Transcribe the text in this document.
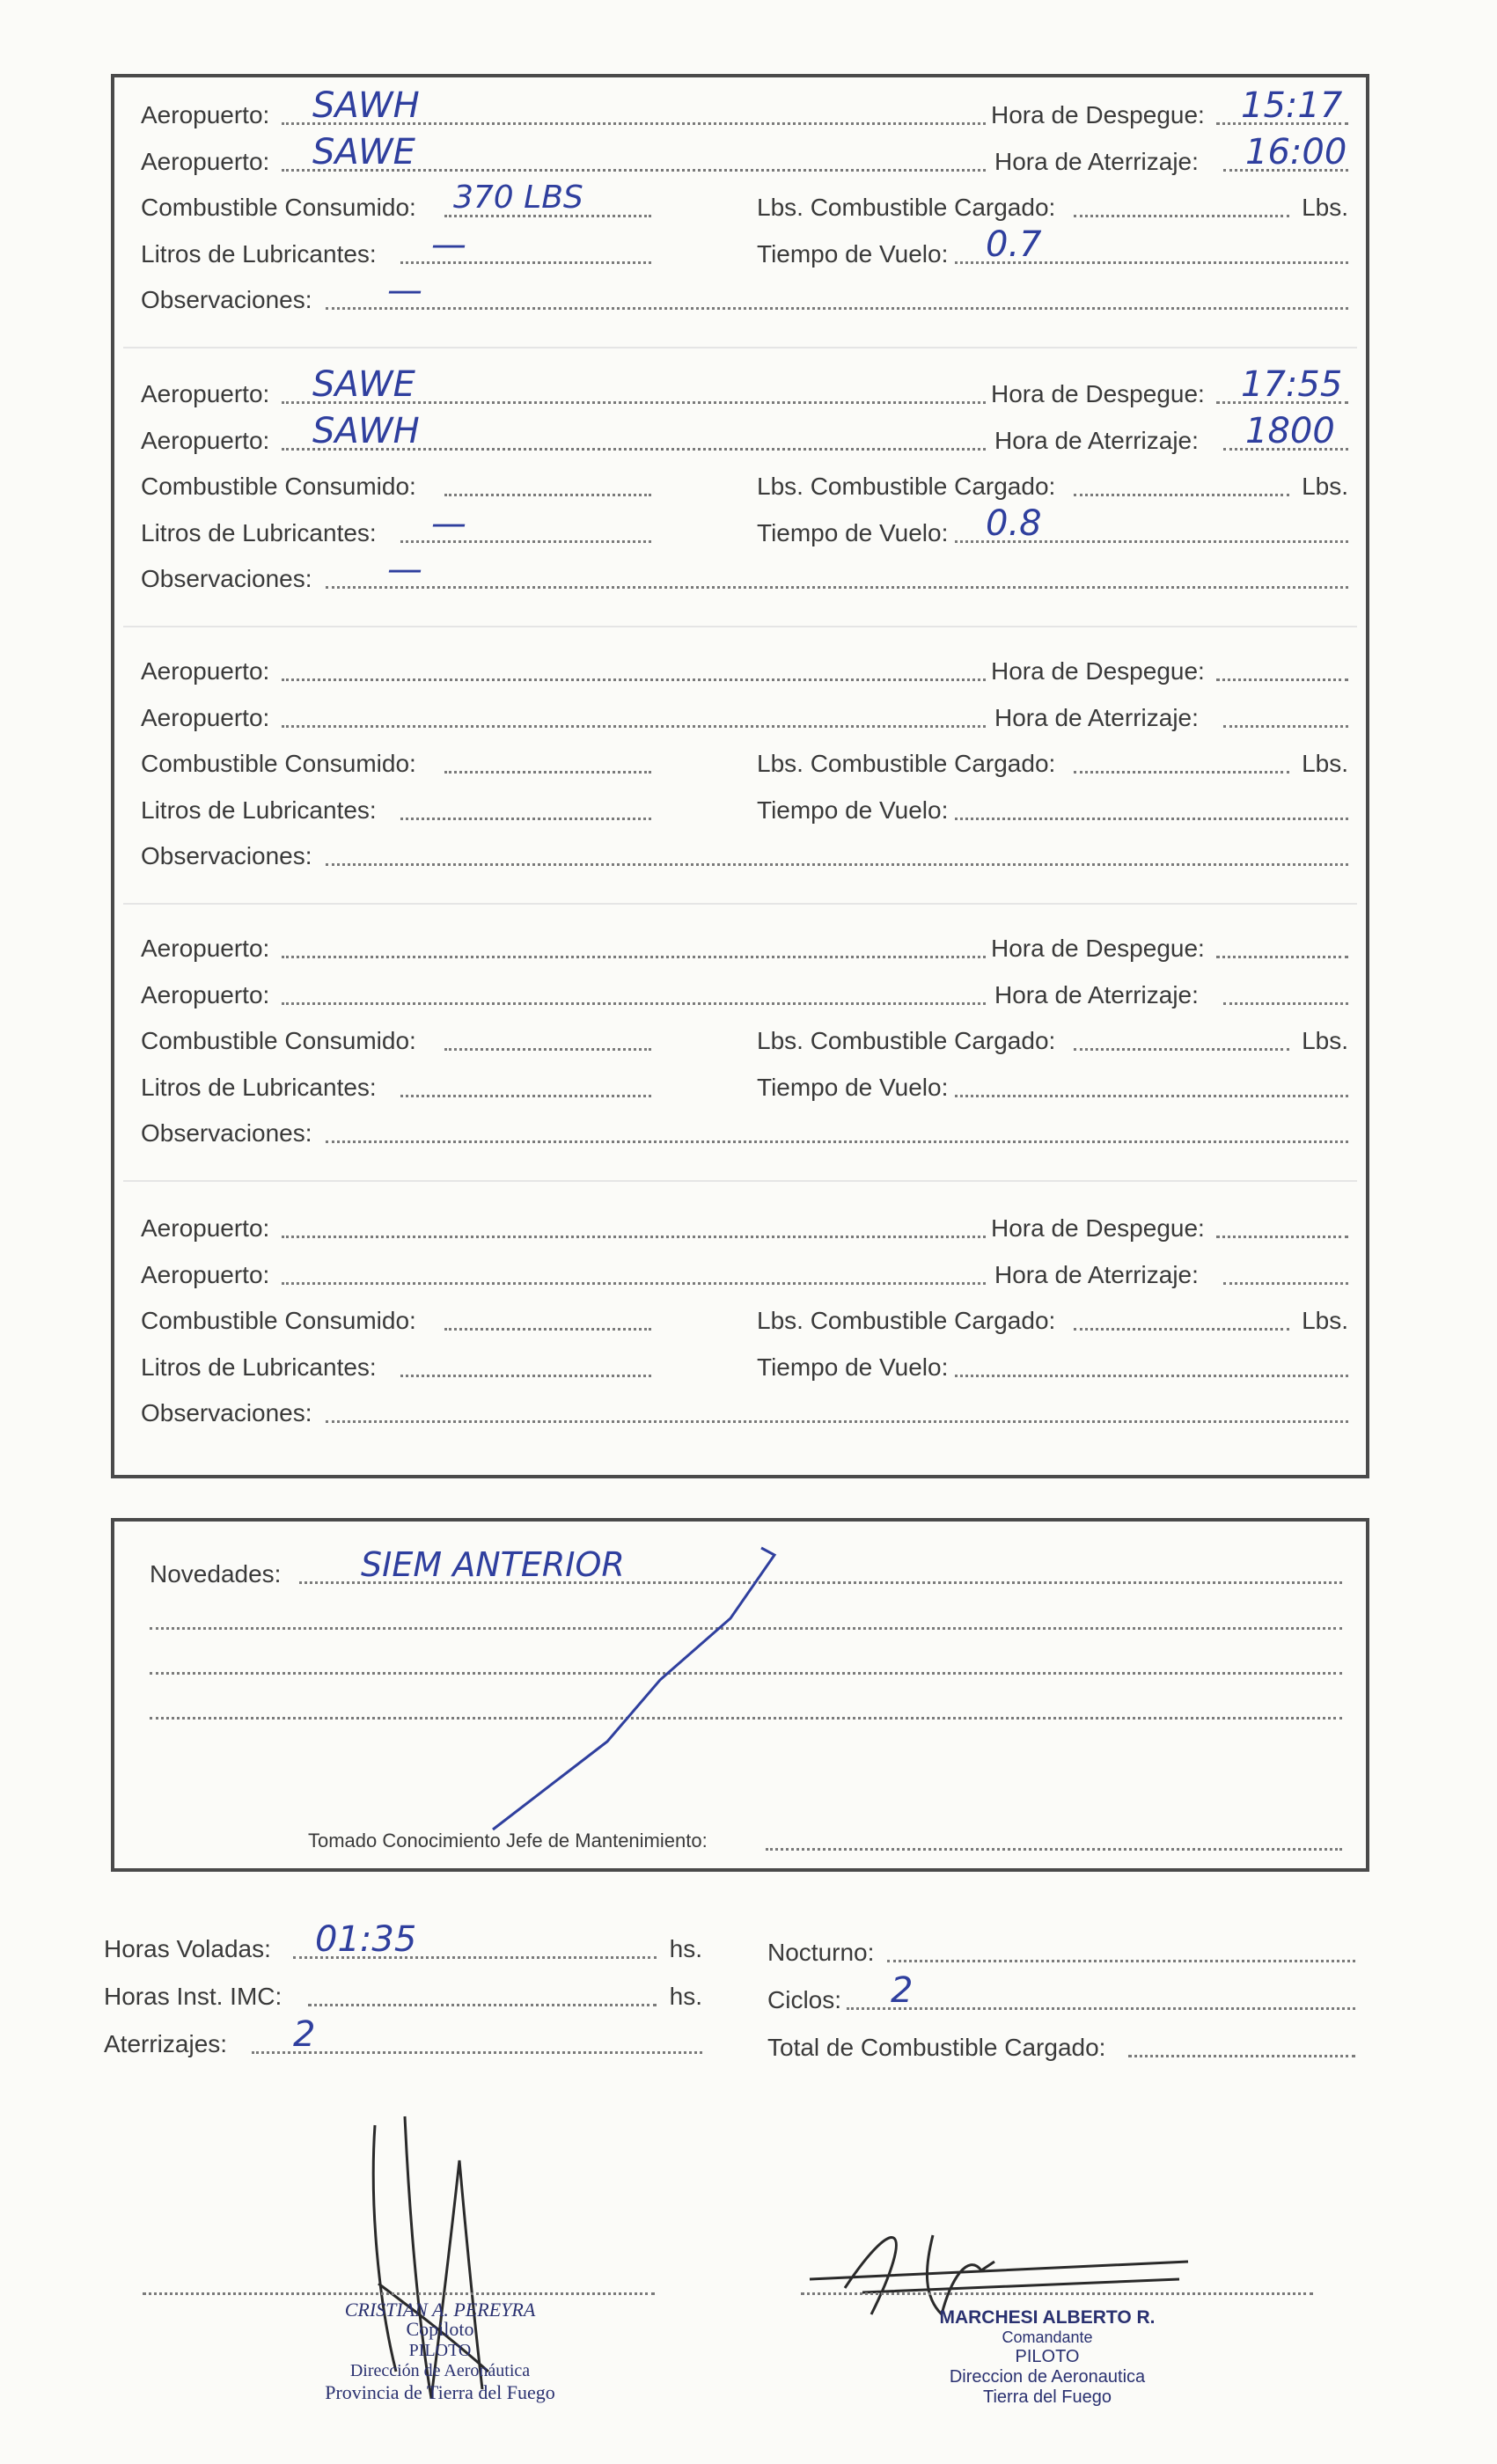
Aeropuerto: SAWH	Hora de Despegue: 15:17
Aeropuerto: SAWE	Hora de Aterrizaje: 16:00
Combustible Consumido: 370 LBS	Lbs. Combustible Cargado:	Lbs.
Litros de Lubricantes: —	Tiempo de Vuelo: 0.7
Observaciones: —
Aeropuerto: SAWE	Hora de Despegue: 17:55
Aeropuerto: SAWH	Hora de Aterrizaje: 1800
Combustible Consumido:	Lbs. Combustible Cargado:	Lbs.
Litros de Lubricantes: —	Tiempo de Vuelo: 0.8
Observaciones: —
Aeropuerto:	Hora de Despegue:
Aeropuerto:	Hora de Aterrizaje:
Combustible Consumido:	Lbs. Combustible Cargado:	Lbs.
Litros de Lubricantes:	Tiempo de Vuelo:
Observaciones:
Aeropuerto:	Hora de Despegue:
Aeropuerto:	Hora de Aterrizaje:
Combustible Consumido:	Lbs. Combustible Cargado:	Lbs.
Litros de Lubricantes:	Tiempo de Vuelo:
Observaciones:
Aeropuerto:	Hora de Despegue:
Aeropuerto:	Hora de Aterrizaje:
Combustible Consumido:	Lbs. Combustible Cargado:	Lbs.
Litros de Lubricantes:	Tiempo de Vuelo:
Observaciones:
Novedades: SIEM ANTERIOR
Tomado Conocimiento Jefe de Mantenimiento:
Horas Voladas: 01:35	hs.
Horas Inst. IMC:	hs.
Aterrizajes: 2
Nocturno:
Ciclos: 2
Total de Combustible Cargado:
CRISTIAN A. PEREYRA
Copiloto
PILOTO
Dirección de Aeronáutica
Provincia de Tierra del Fuego
MARCHESI ALBERTO R.
Comandante
PILOTO
Direccion de Aeronautica
Tierra del Fuego
